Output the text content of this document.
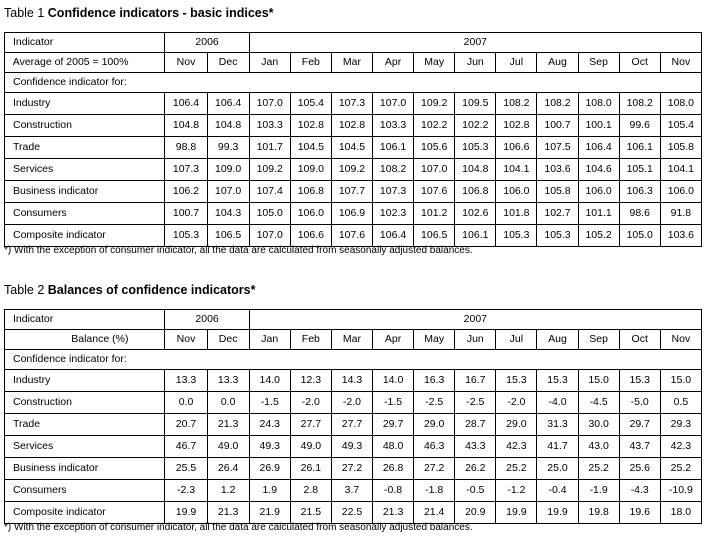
Table 1 Confidence indicators - basic indices*
Indicator	2006		2007										
Average of 2005 = 100%	Nov	Dec	Jan	Feb	Mar	Apr	May	Jun	Jul	Aug	Sep	Oct	Nov
Confidence indicator for:													
Industry	106.4	106.4	107.0	105.4	107.3	107.0	109.2	109.5	108.2	108.2	108.0	108.2	108.0
Construction	104.8	104.8	103.3	102.8	102.8	103.3	102.2	102.2	102.8	100.7	100.1	99.6	105.4
Trade	98.8	99.3	101.7	104.5	104.5	106.1	105.6	105.3	106.6	107.5	106.4	106.1	105.8
Services	107.3	109.0	109.2	109.0	109.2	108.2	107.0	104.8	104.1	103.6	104.6	105.1	104.1
Business indicator	106.2	107.0	107.4	106.8	107.7	107.3	107.6	106.8	106.0	105.8	106.0	106.3	106.0
Consumers	100.7	104.3	105.0	106.0	106.9	102.3	101.2	102.6	101.8	102.7	101.1	98.6	91.8
Composite indicator	105.3	106.5	107.0	106.6	107.6	106.4	106.5	106.1	105.3	105.3	105.2	105.0	103.6
*) With the exception of consumer indicator, all the data are calculated from seasonally adjusted balances.
Table 2 Balances of confidence indicators*
Indicator	2006		2007										
Balance (%)	Nov	Dec	Jan	Feb	Mar	Apr	May	Jun	Jul	Aug	Sep	Oct	Nov
Confidence indicator for:													
Industry	13.3	13.3	14.0	12.3	14.3	14.0	16.3	16.7	15.3	15.3	15.0	15.3	15.0
Construction	0.0	0.0	-1.5	-2.0	-2.0	-1.5	-2.5	-2.5	-2.0	-4.0	-4.5	-5.0	0.5
Trade	20.7	21.3	24.3	27.7	27.7	29.7	29.0	28.7	29.0	31.3	30.0	29.7	29.3
Services	46.7	49.0	49.3	49.0	49.3	48.0	46.3	43.3	42.3	41.7	43.0	43.7	42.3
Business indicator	25.5	26.4	26.9	26.1	27.2	26.8	27.2	26.2	25.2	25.0	25.2	25.6	25.2
Consumers	-2.3	1.2	1.9	2.8	3.7	-0.8	-1.8	-0.5	-1.2	-0.4	-1.9	-4.3	-10.9
Composite indicator	19.9	21.3	21.9	21.5	22.5	21.3	21.4	20.9	19.9	19.9	19.8	19.6	18.0
*) With the exception of consumer indicator, all the data are calculated from seasonally adjusted balances.
